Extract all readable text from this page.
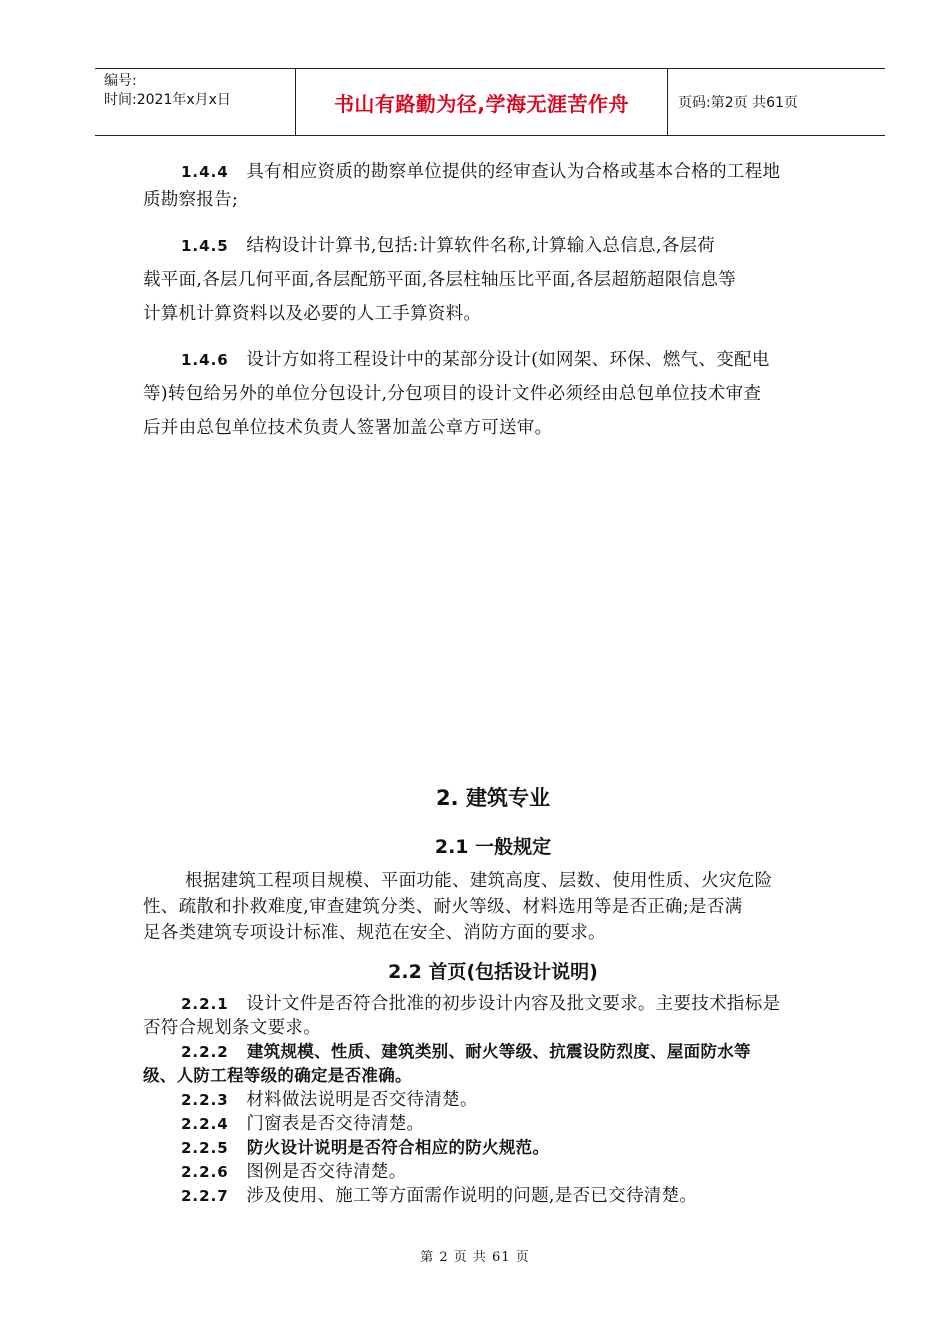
编号:
时间:2021年x月x日	书山有路勤为径,学海无涯苦作舟	页码:第2页 共61页

1.4.4 具有相应资质的勘察单位提供的经审查认为合格或基本合格的工程地

质勘察报告;

1.4.5 结构设计计算书,包括:计算软件名称,计算输入总信息,各层荷

载平面,各层几何平面,各层配筋平面,各层柱轴压比平面,各层超筋超限信息等

计算机计算资料以及必要的人工手算资料。

1.4.6 设计方如将工程设计中的某部分设计(如网架、环保、燃气、变配电

等)转包给另外的单位分包设计,分包项目的设计文件必须经由总包单位技术审查

后并由总包单位技术负责人签署加盖公章方可送审。

2. 建筑专业
2.1 一般规定

根据建筑工程项目规模、平面功能、建筑高度、层数、使用性质、火灾危险

性、疏散和扑救难度,审查建筑分类、耐火等级、材料选用等是否正确;是否满

足各类建筑专项设计标准、规范在安全、消防方面的要求。

2.2 首页(包括设计说明)

2.2.1 设计文件是否符合批准的初步设计内容及批文要求。主要技术指标是

否符合规划条文要求。

2.2.2 建筑规模、性质、建筑类别、耐火等级、抗震设防烈度、屋面防水等

级、人防工程等级的确定是否准确。

2.2.3 材料做法说明是否交待清楚。

2.2.4 门窗表是否交待清楚。

2.2.5 防火设计说明是否符合相应的防火规范。

2.2.6 图例是否交待清楚。

2.2.7 涉及使用、施工等方面需作说明的问题,是否已交待清楚。

第 2 页 共 61 页
